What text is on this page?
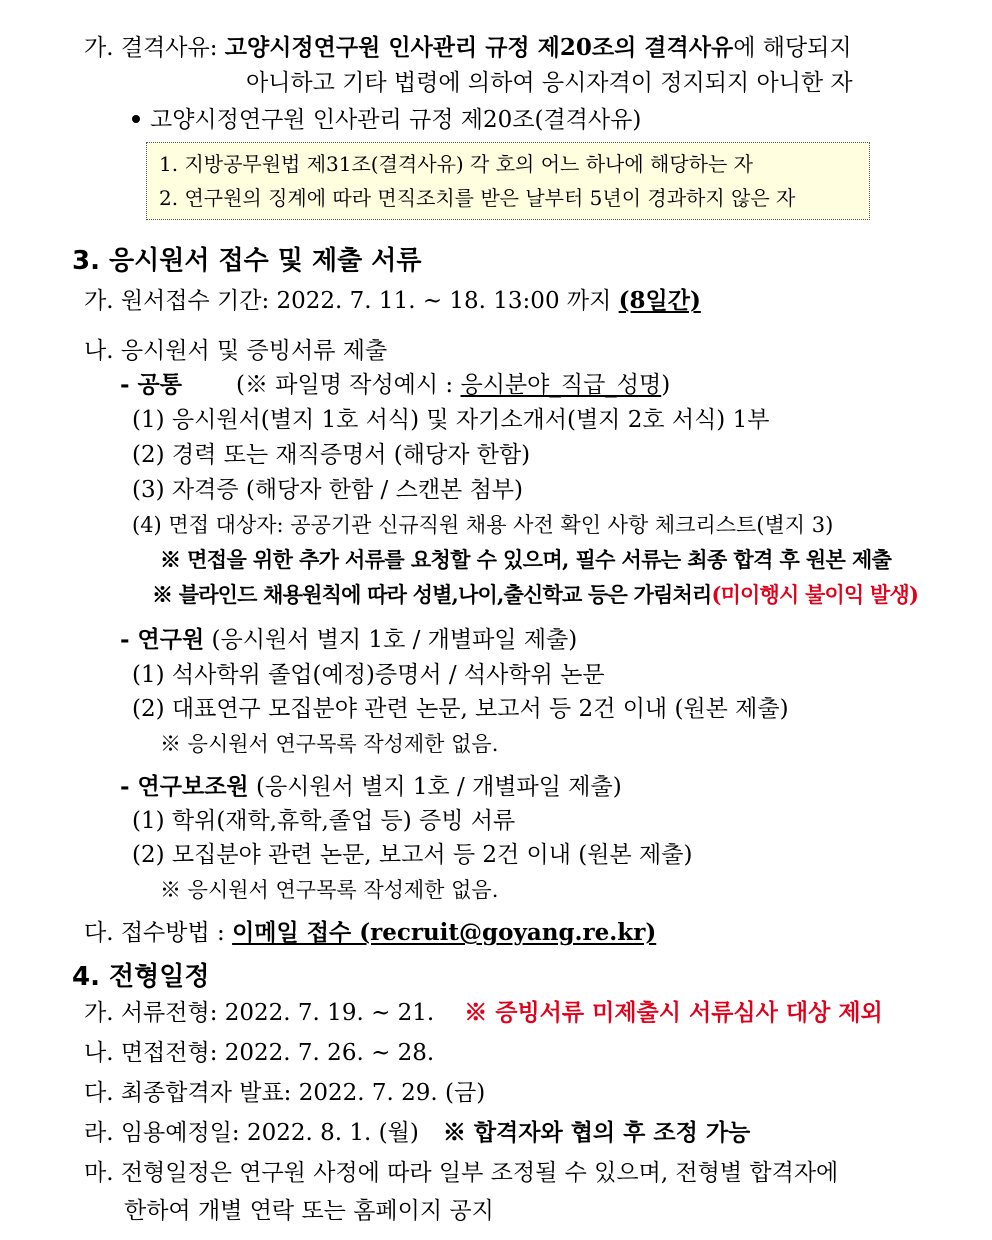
가. 결격사유: 고양시정연구원 인사관리 규정 제20조의 결격사유에 해당되지
아니하고 기타 법령에 의하여 응시자격이 정지되지 아니한 자
고양시정연구원 인사관리 규정 제20조(결격사유)
1. 지방공무원법 제31조(결격사유) 각 호의 어느 하나에 해당하는 자
2. 연구원의 징계에 따라 면직조치를 받은 날부터 5년이 경과하지 않은 자
3. 응시원서 접수 및 제출 서류
가. 원서접수 기간: 2022. 7. 11. ~ 18. 13:00 까지 (8일간)
나. 응시원서 및 증빙서류 제출
- 공통 (※ 파일명 작성예시 : 응시분야_직급_성명)
(1) 응시원서(별지 1호 서식) 및 자기소개서(별지 2호 서식) 1부
(2) 경력 또는 재직증명서 (해당자 한함)
(3) 자격증 (해당자 한함 / 스캔본 첨부)
(4) 면접 대상자: 공공기관 신규직원 채용 사전 확인 사항 체크리스트(별지 3)
※ 면접을 위한 추가 서류를 요청할 수 있으며, 필수 서류는 최종 합격 후 원본 제출
※ 블라인드 채용원칙에 따라 성별,나이,출신학교 등은 가림처리(미이행시 불이익 발생)
- 연구원 (응시원서 별지 1호 / 개별파일 제출)
(1) 석사학위 졸업(예정)증명서 / 석사학위 논문
(2) 대표연구 모집분야 관련 논문, 보고서 등 2건 이내 (원본 제출)
※ 응시원서 연구목록 작성제한 없음.
- 연구보조원 (응시원서 별지 1호 / 개별파일 제출)
(1) 학위(재학,휴학,졸업 등) 증빙 서류
(2) 모집분야 관련 논문, 보고서 등 2건 이내 (원본 제출)
※ 응시원서 연구목록 작성제한 없음.
다. 접수방법 : 이메일 접수 (recruit@goyang.re.kr)
4. 전형일정
가. 서류전형: 2022. 7. 19. ~ 21. ※ 증빙서류 미제출시 서류심사 대상 제외
나. 면접전형: 2022. 7. 26. ~ 28.
다. 최종합격자 발표: 2022. 7. 29. (금)
라. 임용예정일: 2022. 8. 1. (월) ※ 합격자와 협의 후 조정 가능
마. 전형일정은 연구원 사정에 따라 일부 조정될 수 있으며, 전형별 합격자에
한하여 개별 연락 또는 홈페이지 공지
